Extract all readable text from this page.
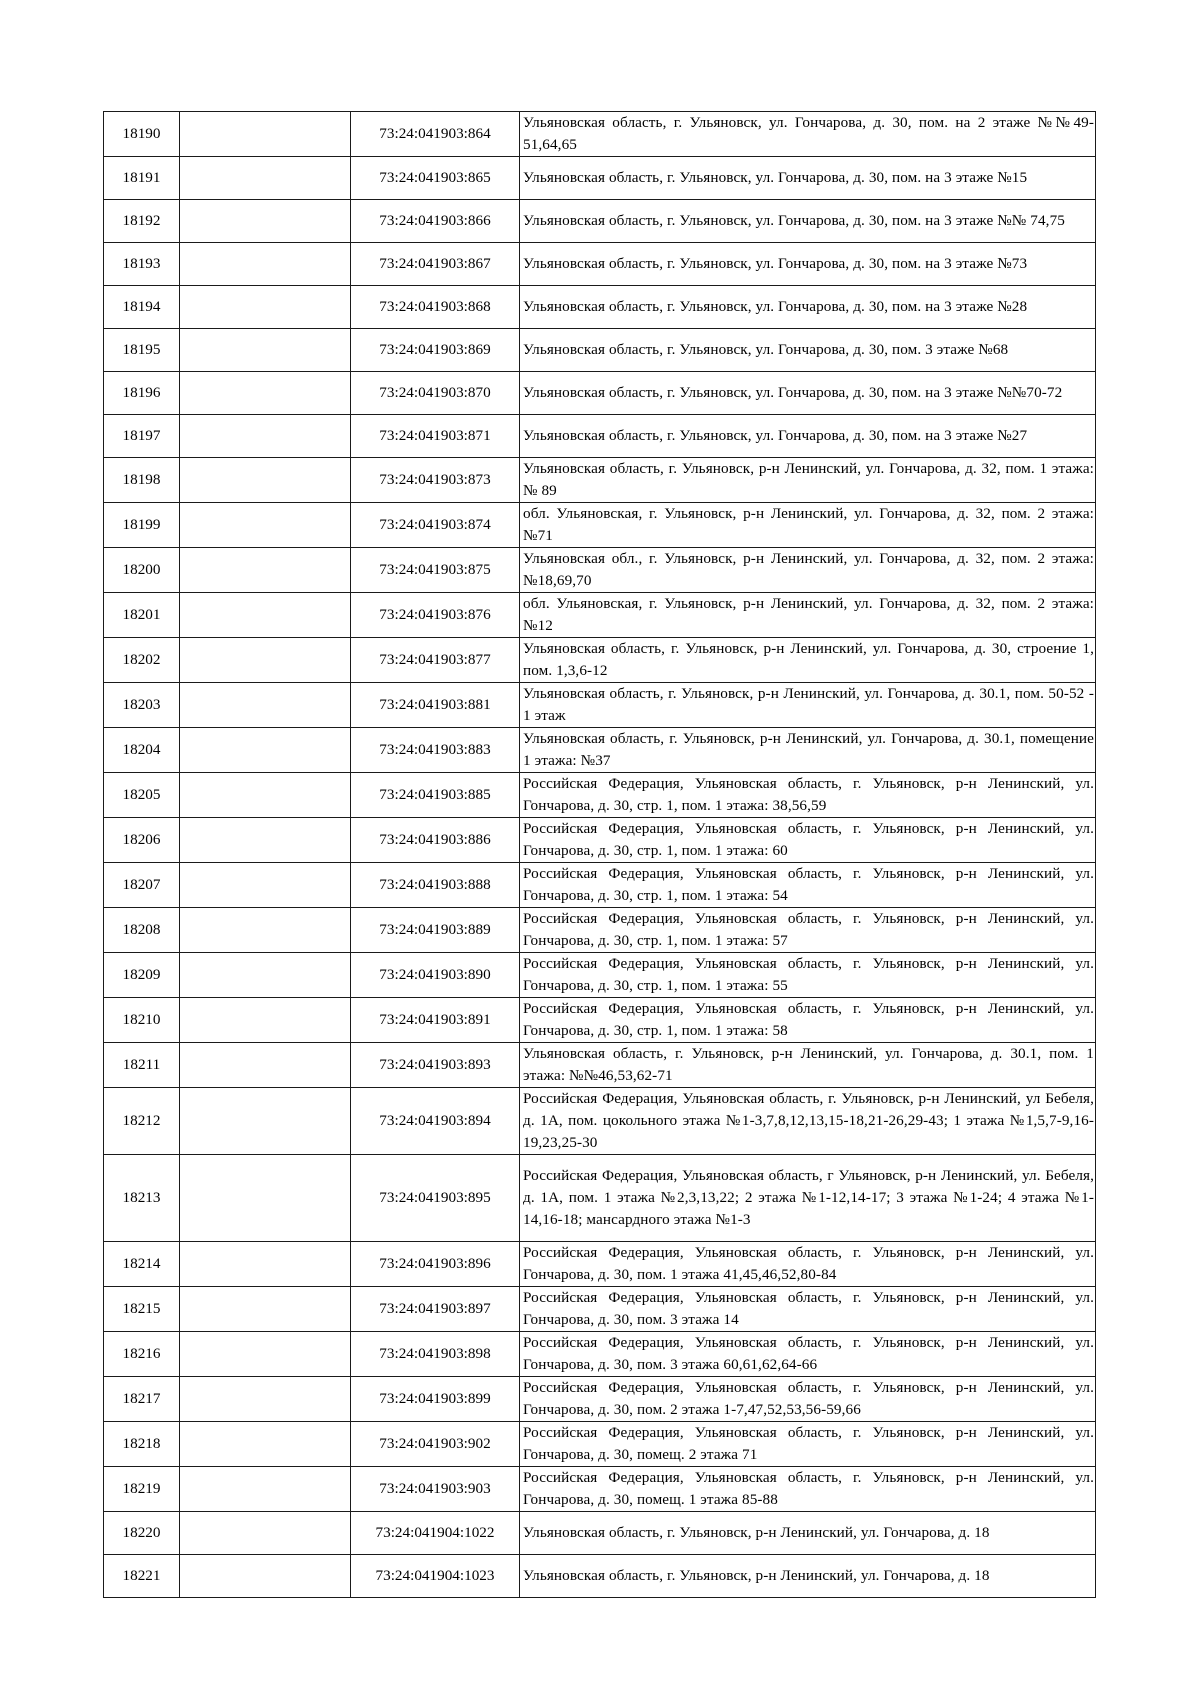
18190		73:24:041903:864	Ульяновская область, г. Ульяновск, ул. Гончарова, д. 30, пом. на 2 этаже №№49-51,64,65
18191		73:24:041903:865	Ульяновская область, г. Ульяновск, ул. Гончарова, д. 30, пом. на 3 этаже №15
18192		73:24:041903:866	Ульяновская область, г. Ульяновск, ул. Гончарова, д. 30, пом. на 3 этаже №№ 74,75
18193		73:24:041903:867	Ульяновская область, г. Ульяновск, ул. Гончарова, д. 30, пом. на 3 этаже №73
18194		73:24:041903:868	Ульяновская область, г. Ульяновск, ул. Гончарова, д. 30, пом. на 3 этаже №28
18195		73:24:041903:869	Ульяновская область, г. Ульяновск, ул. Гончарова, д. 30, пом. 3 этаже №68
18196		73:24:041903:870	Ульяновская область, г. Ульяновск, ул. Гончарова, д. 30, пом. на 3 этаже №№70-72
18197		73:24:041903:871	Ульяновская область, г. Ульяновск, ул. Гончарова, д. 30, пом. на 3 этаже №27
18198		73:24:041903:873	Ульяновская область, г. Ульяновск, р-н Ленинский, ул. Гончарова, д. 32, пом. 1 этажа: № 89
18199		73:24:041903:874	обл. Ульяновская, г. Ульяновск, р-н Ленинский, ул. Гончарова, д. 32, пом. 2 этажа: №71
18200		73:24:041903:875	Ульяновская обл., г. Ульяновск, р-н Ленинский, ул. Гончарова, д. 32, пом. 2 этажа: №18,69,70
18201		73:24:041903:876	обл. Ульяновская, г. Ульяновск, р-н Ленинский, ул. Гончарова, д. 32, пом. 2 этажа: №12
18202		73:24:041903:877	Ульяновская область, г. Ульяновск, р-н Ленинский, ул. Гончарова, д. 30, строение 1, пом. 1,3,6-12
18203		73:24:041903:881	Ульяновская область, г. Ульяновск, р-н Ленинский, ул. Гончарова, д. 30.1, пом. 50-52 - 1 этаж
18204		73:24:041903:883	Ульяновская область, г. Ульяновск, р-н Ленинский, ул. Гончарова, д. 30.1, помещение 1 этажа: №37
18205		73:24:041903:885	Российская Федерация, Ульяновская область, г. Ульяновск, р-н Ленинский, ул. Гончарова, д. 30, стр. 1, пом. 1 этажа: 38,56,59
18206		73:24:041903:886	Российская Федерация, Ульяновская область, г. Ульяновск, р-н Ленинский, ул. Гончарова, д. 30, стр. 1, пом. 1 этажа: 60
18207		73:24:041903:888	Российская Федерация, Ульяновская область, г. Ульяновск, р-н Ленинский, ул. Гончарова, д. 30, стр. 1, пом. 1 этажа: 54
18208		73:24:041903:889	Российская Федерация, Ульяновская область, г. Ульяновск, р-н Ленинский, ул. Гончарова, д. 30, стр. 1, пом. 1 этажа: 57
18209		73:24:041903:890	Российская Федерация, Ульяновская область, г. Ульяновск, р-н Ленинский, ул. Гончарова, д. 30, стр. 1, пом. 1 этажа: 55
18210		73:24:041903:891	Российская Федерация, Ульяновская область, г. Ульяновск, р-н Ленинский, ул. Гончарова, д. 30, стр. 1, пом. 1 этажа: 58
18211		73:24:041903:893	Ульяновская область, г. Ульяновск, р-н Ленинский, ул. Гончарова, д. 30.1, пом. 1 этажа: №№46,53,62-71
18212		73:24:041903:894	Российская Федерация, Ульяновская область, г. Ульяновск, р-н Ленинский, ул Бебеля, д. 1А, пом. цокольного этажа №1-3,7,8,12,13,15-18,21-26,29-43; 1 этажа №1,5,7-9,16-19,23,25-30
18213		73:24:041903:895	Российская Федерация, Ульяновская область, г Ульяновск, р-н Ленинский, ул. Бебеля, д. 1А, пом. 1 этажа №2,3,13,22; 2 этажа №1-12,14-17; 3 этажа №1-24; 4 этажа №1-14,16-18; мансардного этажа №1-3
18214		73:24:041903:896	Российская Федерация, Ульяновская область, г. Ульяновск, р-н Ленинский, ул. Гончарова, д. 30, пом. 1 этажа 41,45,46,52,80-84
18215		73:24:041903:897	Российская Федерация, Ульяновская область, г. Ульяновск, р-н Ленинский, ул. Гончарова, д. 30, пом. 3 этажа 14
18216		73:24:041903:898	Российская Федерация, Ульяновская область, г. Ульяновск, р-н Ленинский, ул. Гончарова, д. 30, пом. 3 этажа 60,61,62,64-66
18217		73:24:041903:899	Российская Федерация, Ульяновская область, г. Ульяновск, р-н Ленинский, ул. Гончарова, д. 30, пом. 2 этажа 1-7,47,52,53,56-59,66
18218		73:24:041903:902	Российская Федерация, Ульяновская область, г. Ульяновск, р-н Ленинский, ул. Гончарова, д. 30, помещ. 2 этажа 71
18219		73:24:041903:903	Российская Федерация, Ульяновская область, г. Ульяновск, р-н Ленинский, ул. Гончарова, д. 30, помещ. 1 этажа 85-88
18220		73:24:041904:1022	Ульяновская область, г. Ульяновск, р-н Ленинский, ул. Гончарова, д. 18
18221		73:24:041904:1023	Ульяновская область, г. Ульяновск, р-н Ленинский, ул. Гончарова, д. 18
